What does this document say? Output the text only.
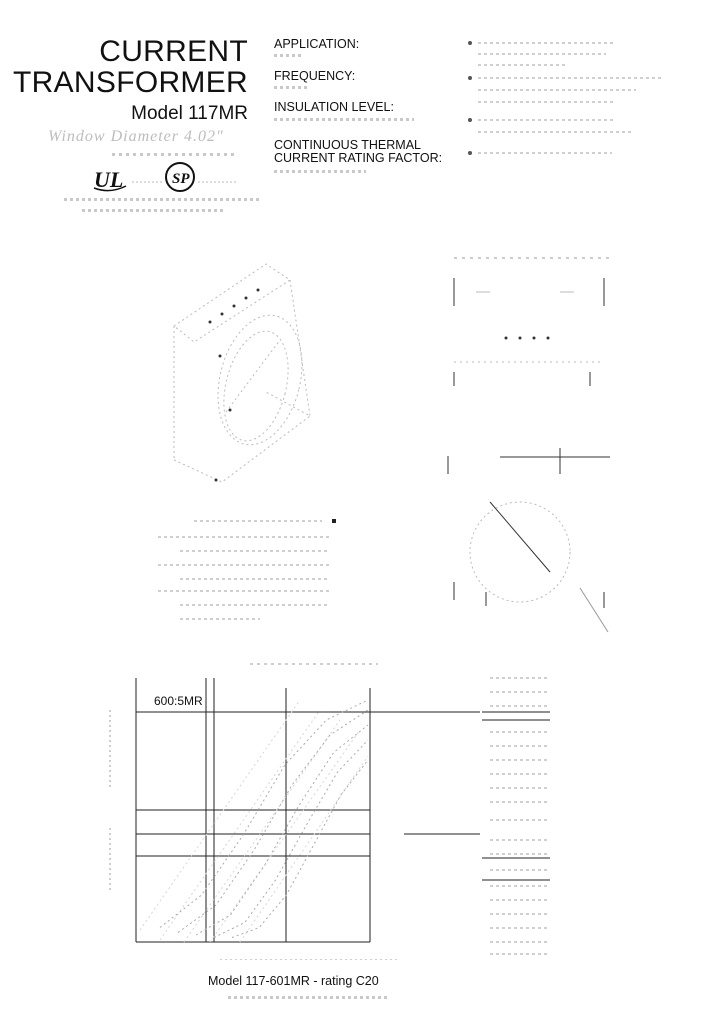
CURRENT
TRANSFORMER
Model 117MR
Window Diameter 4.02"
UL	SP
APPLICATION:
FREQUENCY:
INSULATION LEVEL:
CONTINUOUS THERMAL
CURRENT RATING FACTOR:
600:5MR
Model 117-601MR - rating C20
